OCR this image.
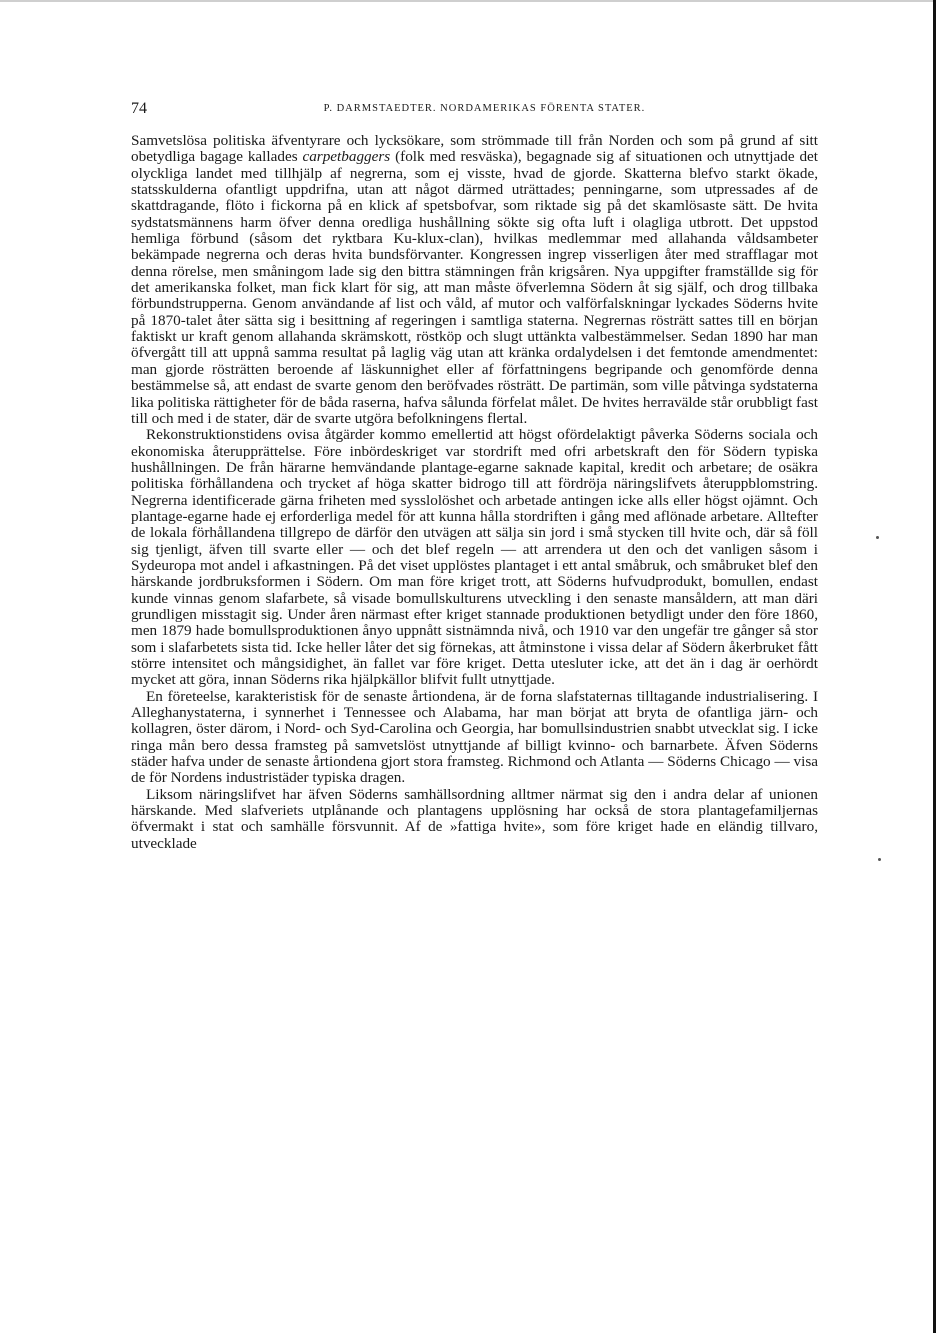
74	P. DARMSTAEDTER. NORDAMERIKAS FÖRENTA STATER.

Samvetslösa politiska äfventyrare och lycksökare, som strömmade till från Norden och som på grund af sitt obetydliga bagage kallades carpetbaggers (folk med resväska), begagnade sig af situationen och utnyttjade det olyckliga landet med tillhjälp af negrerna, som ej visste, hvad de gjorde. Skatterna blefvo starkt ökade, statsskulderna ofantligt uppdrifna, utan att något därmed uträttades; penningarne, som utpressades af de skattdragande, flöto i fickorna på en klick af spetsbofvar, som riktade sig på det skamlösaste sätt. De hvita sydstatsmännens harm öfver denna oredliga hushållning sökte sig ofta luft i olagliga utbrott. Det uppstod hemliga förbund (såsom det ryktbara Ku-klux-clan), hvilkas medlemmar med allahanda våldsambeter bekämpade negrerna och deras hvita bundsförvanter. Kongressen ingrep visserligen åter med strafflagar mot denna rörelse, men småningom lade sig den bittra stämningen från krigsåren. Nya uppgifter framställde sig för det amerikanska folket, man fick klart för sig, att man måste öfverlemna Södern åt sig själf, och drog tillbaka förbundstrupperna. Genom användande af list och våld, af mutor och valförfalskningar lyckades Söderns hvite på 1870-talet åter sätta sig i besittning af regeringen i samtliga staterna. Negrernas rösträtt sattes till en början faktiskt ur kraft genom allahanda skrämskott, röstköp och slugt uttänkta valbestämmelser. Sedan 1890 har man öfvergått till att uppnå samma resultat på laglig väg utan att kränka ordalydelsen i det femtonde amendmentet: man gjorde rösträtten beroende af läskunnighet eller af författningens begripande och genomförde denna bestämmelse så, att endast de svarte genom den beröfvades rösträtt. De partimän, som ville påtvinga sydstaterna lika politiska rättigheter för de båda raserna, hafva sålunda förfelat målet. De hvites herravälde står orubbligt fast till och med i de stater, där de svarte utgöra befolkningens flertal.

Rekonstruktionstidens ovisa åtgärder kommo emellertid att högst ofördelaktigt påverka Söderns sociala och ekonomiska återupprättelse. Före inbördeskriget var stordrift med ofri arbetskraft den för Södern typiska hushållningen. De från härarne hemvändande plantage-egarne saknade kapital, kredit och arbetare; de osäkra politiska förhållandena och trycket af höga skatter bidrogo till att fördröja näringslifvets återuppblomstring. Negrerna identificerade gärna friheten med sysslolöshet och arbetade antingen icke alls eller högst ojämnt. Och plantage-egarne hade ej erforderliga medel för att kunna hålla stordriften i gång med aflönade arbetare. Alltefter de lokala förhållandena tillgrepo de därför den utvägen att sälja sin jord i små stycken till hvite och, där så föll sig tjenligt, äfven till svarte eller — och det blef regeln — att arrendera ut den och det vanligen såsom i Sydeuropa mot andel i afkastningen. På det viset upplöstes plantaget i ett antal småbruk, och småbruket blef den härskande jordbruksformen i Södern. Om man före kriget trott, att Söderns hufvudprodukt, bomullen, endast kunde vinnas genom slafarbete, så visade bomullskulturens utveckling i den senaste mansåldern, att man däri grundligen misstagit sig. Under åren närmast efter kriget stannade produktionen betydligt under den före 1860, men 1879 hade bomullsproduktionen ånyo uppnått sistnämnda nivå, och 1910 var den ungefär tre gånger så stor som i slafarbetets sista tid. Icke heller låter det sig förnekas, att åtminstone i vissa delar af Södern åkerbruket fått större intensitet och mångsidighet, än fallet var före kriget. Detta utesluter icke, att det än i dag är oerhördt mycket att göra, innan Söderns rika hjälpkällor blifvit fullt utnyttjade.

En företeelse, karakteristisk för de senaste årtiondena, är de forna slafstaternas tilltagande industrialisering. I Alleghanystaterna, i synnerhet i Tennessee och Alabama, har man börjat att bryta de ofantliga järn- och kollagren, öster därom, i Nord- och Syd-Carolina och Georgia, har bomullsindustrien snabbt utvecklat sig. I icke ringa mån bero dessa framsteg på samvetslöst utnyttjande af billigt kvinno- och barnarbete. Äfven Söderns städer hafva under de senaste årtiondena gjort stora framsteg. Richmond och Atlanta — Söderns Chicago — visa de för Nordens industristäder typiska dragen.

Liksom näringslifvet har äfven Söderns samhällsordning alltmer närmat sig den i andra delar af unionen härskande. Med slafveriets utplånande och plantagens upplösning har också de stora plantagefamiljernas öfvermakt i stat och samhälle försvunnit. Af de »fattiga hvite», som före kriget hade en eländig tillvaro, utvecklade
